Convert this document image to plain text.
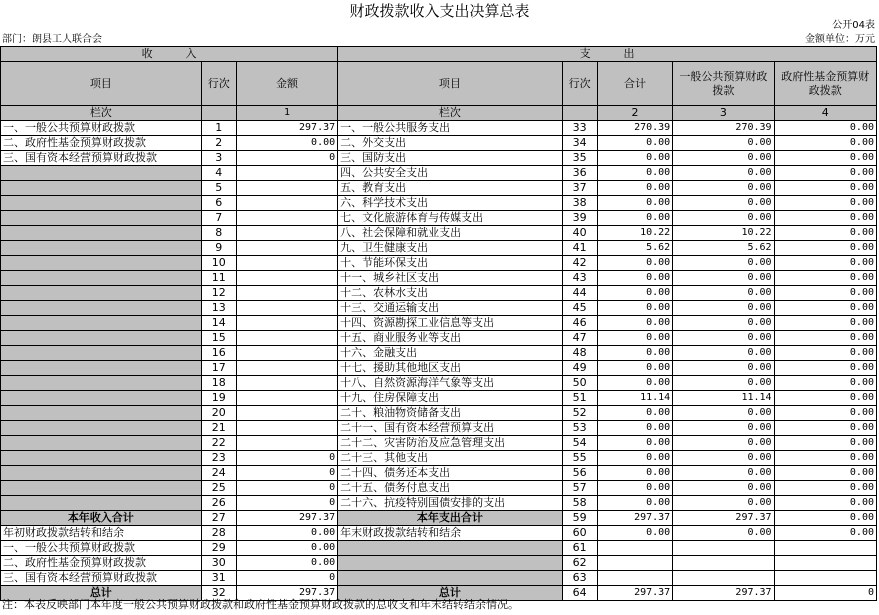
财政拨款收入支出决算总表
公开04表
部门：朗县工人联合会	金额单位：万元
收　　　入			支　　　出				
项目	行次	金额	项目	行次	合计	一般公共预算财政拨款	政府性基金预算财政拨款
栏次		1	栏次		2	3	4
一、一般公共预算财政拨款	1	297.37	一、一般公共服务支出	33	270.39	270.39	0.00
二、政府性基金预算财政拨款	2	0.00	二、外交支出	34	0.00	0.00	0.00
三、国有资本经营预算财政拨款	3	0	三、国防支出	35	0.00	0.00	0.00
	4		四、公共安全支出	36	0.00	0.00	0.00
	5		五、教育支出	37	0.00	0.00	0.00
	6		六、科学技术支出	38	0.00	0.00	0.00
	7		七、文化旅游体育与传媒支出	39	0.00	0.00	0.00
	8		八、社会保障和就业支出	40	10.22	10.22	0.00
	9		九、卫生健康支出	41	5.62	5.62	0.00
	10		十、节能环保支出	42	0.00	0.00	0.00
	11		十一、城乡社区支出	43	0.00	0.00	0.00
	12		十二、农林水支出	44	0.00	0.00	0.00
	13		十三、交通运输支出	45	0.00	0.00	0.00
	14		十四、资源勘探工业信息等支出	46	0.00	0.00	0.00
	15		十五、商业服务业等支出	47	0.00	0.00	0.00
	16		十六、金融支出	48	0.00	0.00	0.00
	17		十七、援助其他地区支出	49	0.00	0.00	0.00
	18		十八、自然资源海洋气象等支出	50	0.00	0.00	0.00
	19		十九、住房保障支出	51	11.14	11.14	0.00
	20		二十、粮油物资储备支出	52	0.00	0.00	0.00
	21		二十一、国有资本经营预算支出	53	0.00	0.00	0.00
	22		二十二、灾害防治及应急管理支出	54	0.00	0.00	0.00
	23	0	二十三、其他支出	55	0.00	0.00	0.00
	24	0	二十四、债务还本支出	56	0.00	0.00	0.00
	25	0	二十五、债务付息支出	57	0.00	0.00	0.00
	26	0	二十六、抗疫特别国债安排的支出	58	0.00	0.00	0.00
本年收入合计	27	297.37	本年支出合计	59	297.37	297.37	0.00
年初财政拨款结转和结余	28	0.00	年末财政拨款结转和结余	60	0.00	0.00	0.00
一、一般公共预算财政拨款	29	0.00		61			
二、政府性基金预算财政拨款	30	0.00		62			
三、国有资本经营预算财政拨款	31	0		63			
总计	32	297.37	总计	64	297.37	297.37	0
注：本表反映部门本年度一般公共预算财政拨款和政府性基金预算财政拨款的总收支和年末结转结余情况。
